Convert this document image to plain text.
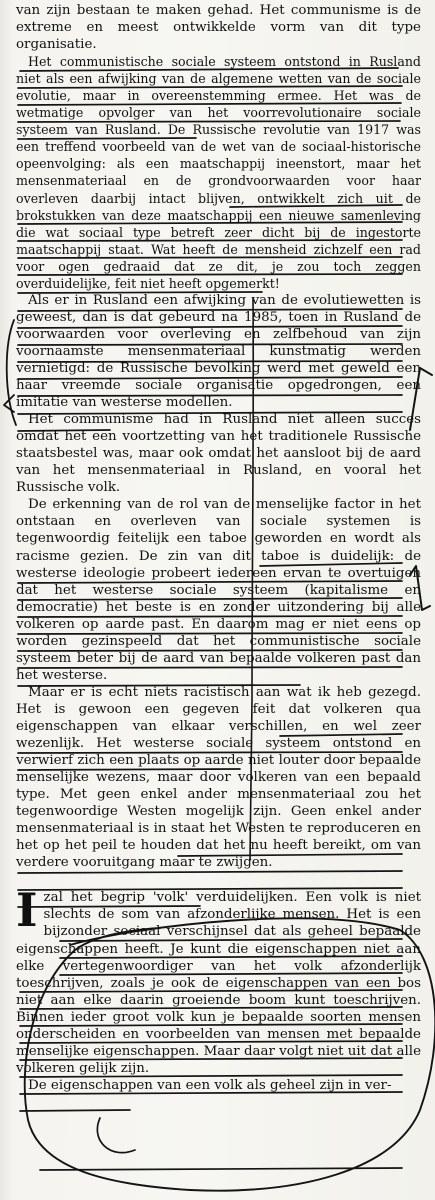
van zijn bestaan te maken gehad. Het communisme is de extreme en meest ontwikkelde vorm van dit type organisatie.

Het communistische sociale systeem ontstond in Rusland niet als een afwijking van de algemene wetten van de sociale evolutie, maar in overeenstemming ermee. Het was de wetmatige opvolger van het voorrevolutionaire sociale systeem van Rusland. De Russische revolutie van 1917 was een treffend voorbeeld van de wet van de sociaal-historische opeenvolging: als een maatschappij ineenstort, maar het mensenmateriaal en de grondvoorwaarden voor haar overleven daarbij intact blijven, ontwikkelt zich uit de brokstukken van deze maatschappij een nieuwe samenleving die wat sociaal type betreft zeer dicht bij de ingestorte maatschappij staat. Wat heeft de mensheid zichzelf een rad voor ogen gedraaid dat ze dit, je zou toch zeggen overduidelijke, feit niet heeft opgemerkt!

Als er in Rusland een afwijking van de evolutiewetten is geweest, dan is dat gebeurd na 1985, toen in Rusland de voorwaarden voor overleving en zelfbehoud van zijn voornaamste mensenmateriaal kunstmatig werden vernietigd: de Russische bevolking werd met geweld een haar vreemde sociale organisatie opgedrongen, een imitatie van westerse modellen.

Het communisme had in Rusland niet alleen succes omdat het een voortzetting van het traditionele Russische staatsbestel was, maar ook omdat het aansloot bij de aard van het mensenmateriaal in Rusland, en vooral het Russische volk.

De erkenning van de rol van de menselijke factor in het ontstaan en overleven van sociale systemen is tegenwoordig feitelijk een taboe geworden en wordt als racisme gezien. De zin van dit taboe is duidelijk: de westerse ideologie probeert iedereen ervan te overtuigen dat het westerse sociale systeem (kapitalisme en democratie) het beste is en zonder uitzondering bij alle volkeren op aarde past. En daarom mag er niet eens op worden gezinspeeld dat het communistische sociale systeem beter bij de aard van bepaalde volkeren past dan het westerse.

Maar er is echt niets racistisch aan wat ik heb gezegd. Het is gewoon een gegeven feit dat volkeren qua eigenschappen van elkaar verschillen, en wel zeer wezenlijk. Het westerse sociale systeem ontstond en verwierf zich een plaats op aarde niet louter door bepaalde menselijke wezens, maar door volkeren van een bepaald type. Met geen enkel ander mensenmateriaal zou het tegenwoordige Westen mogelijk zijn. Geen enkel ander mensenmateriaal is in staat het Westen te reproduceren en het op het peil te houden dat het nu heeft bereikt, om van verdere vooruitgang maar te zwijgen.

Izal het begrip 'volk' verduidelijken. Een volk is niet slechts de som van afzonderlijke mensen. Het is een bijzonder sociaal verschijnsel dat als geheel bepaalde eigenschappen heeft. Je kunt die eigenschappen niet aan elke vertegenwoordiger van het volk afzonderlijk toeschrijven, zoals je ook de eigenschappen van een bos niet aan elke daarin groeiende boom kunt toeschrijven. Binnen ieder groot volk kun je bepaalde soorten mensen onderscheiden en voorbeelden van mensen met bepaalde menselijke eigenschappen. Maar daar volgt niet uit dat alle volkeren gelijk zijn.

De eigenschappen van een volk als geheel zijn in ver-
